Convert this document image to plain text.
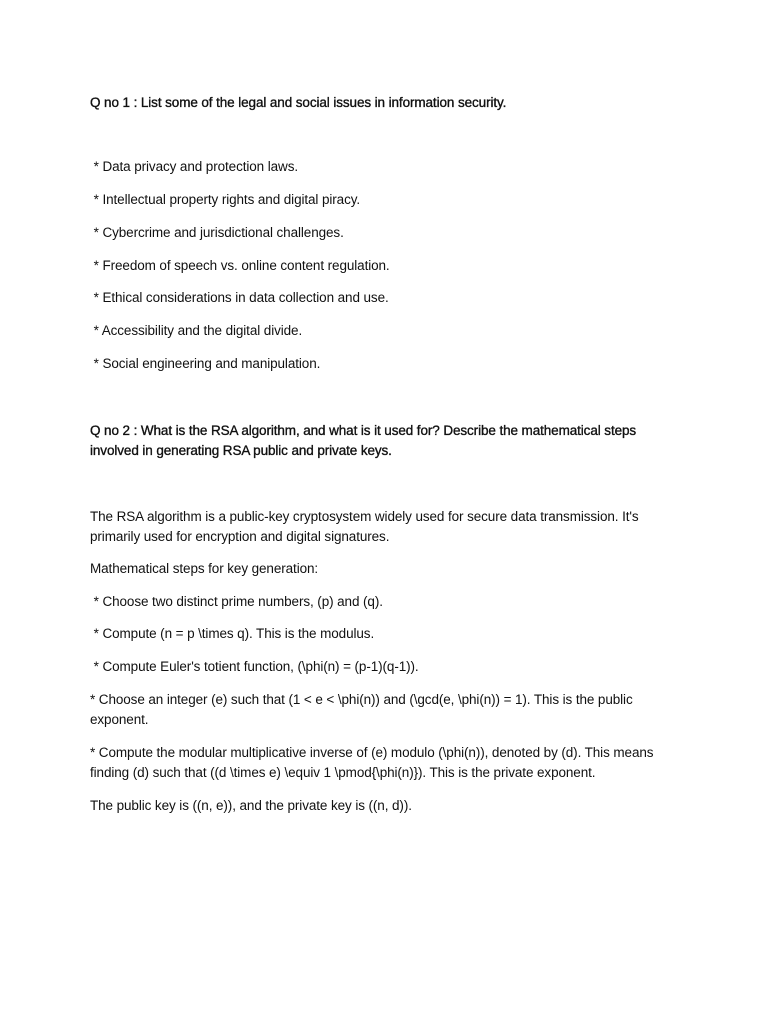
Q no 1 : List some of the legal and social issues in information security.
* Data privacy and protection laws.
* Intellectual property rights and digital piracy.
* Cybercrime and jurisdictional challenges.
* Freedom of speech vs. online content regulation.
* Ethical considerations in data collection and use.
* Accessibility and the digital divide.
* Social engineering and manipulation.
Q no 2 : What is the RSA algorithm, and what is it used for? Describe the mathematical steps involved in generating RSA public and private keys.
The RSA algorithm is a public-key cryptosystem widely used for secure data transmission. It's primarily used for encryption and digital signatures.
Mathematical steps for key generation:
* Choose two distinct prime numbers, (p) and (q).
* Compute (n = p \times q). This is the modulus.
* Compute Euler's totient function, (\phi(n) = (p-1)(q-1)).
* Choose an integer (e) such that (1 < e < \phi(n)) and (\gcd(e, \phi(n)) = 1). This is the public exponent.
* Compute the modular multiplicative inverse of (e) modulo (\phi(n)), denoted by (d). This means finding (d) such that ((d \times e) \equiv 1 \pmod{\phi(n)}). This is the private exponent.
The public key is ((n, e)), and the private key is ((n, d)).
